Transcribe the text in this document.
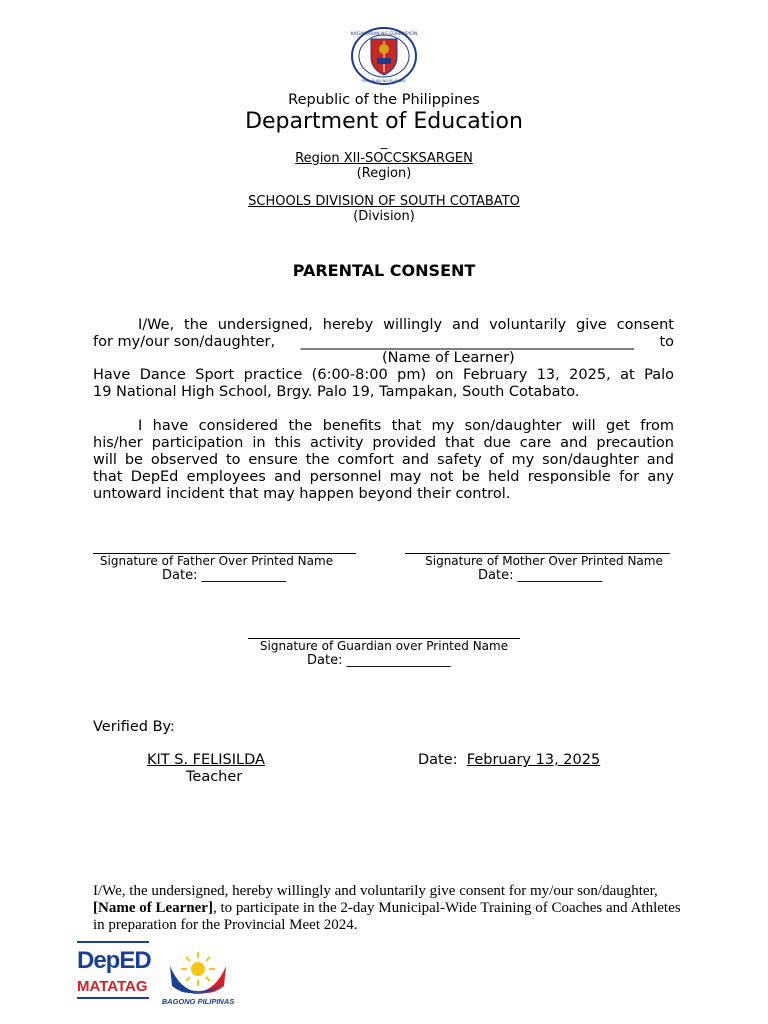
KAGAWARAN NG EDUKASYON
REPUBLIKA NG PILIPINAS
Republic of the Philippines
Department of Education
_
Region XII-SOCCSKSARGEN
(Region)
SCHOOLS DIVISION OF SOUTH COTABATO
(Division)
PARENTAL CONSENT
I/We, the undersigned, hereby willingly and voluntarily give consent
for my/our son/daughter, ______________________________________________ to
(Name of Learner)
Have Dance Sport practice (6:00-8:00 pm) on February 13, 2025, at Palo
19 National High School, Brgy. Palo 19, Tampakan, South Cotabato.
I have considered the benefits that my son/daughter will get from
his/her participation in this activity provided that due care and precaution
will be observed to ensure the comfort and safety of my son/daughter and
that DepEd employees and personnel may not be held responsible for any
untoward incident that may happen beyond their control.
Signature of Father Over Printed Name
Date: _____________
Signature of Mother Over Printed Name
Date: _____________
Signature of Guardian over Printed Name
Date: ________________
Verified By:
KIT S. FELISILDA
Teacher
Date: February 13, 2025
I/We, the undersigned, hereby willingly and voluntarily give consent for my/our son/daughter, [Name of Learner], to participate in the 2-day Municipal-Wide Training of Coaches and Athletes in preparation for the Provincial Meet 2024.
DepED
MATATAG
BAGONG PILIPINAS
